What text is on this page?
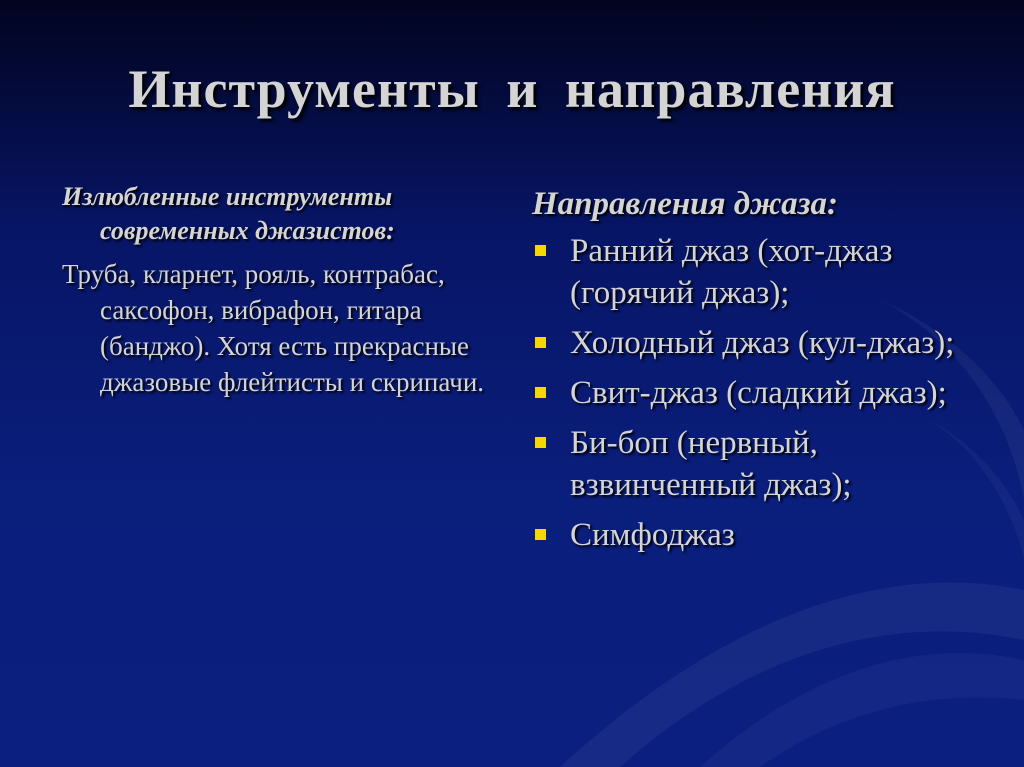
Инструменты и направления

Излюбленные инструменты современных джазистов:

Труба, кларнет, рояль, контрабас, саксофон, вибрафон, гитара (банджо). Хотя есть прекрасные джазовые флейтисты и скрипачи.

Направления джаза:
Ранний джаз (хот-джаз (горячий джаз);
Холодный джаз (кул-джаз);
Свит-джаз (сладкий джаз);
Би-боп (нервный, взвинченный джаз);
Симфоджаз
